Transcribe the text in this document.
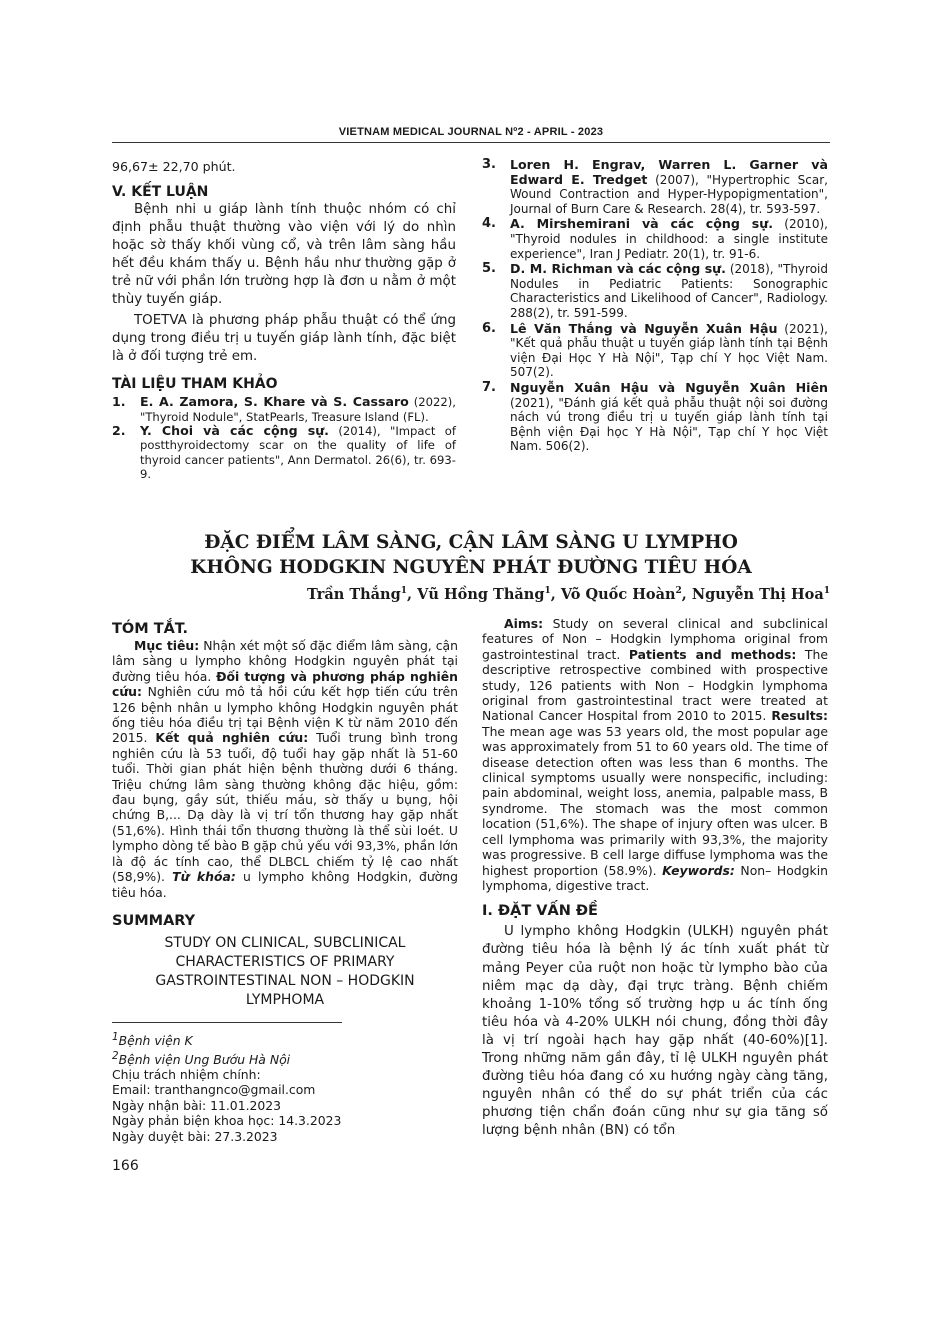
VIETNAM MEDICAL JOURNAL Nº2 - APRIL - 2023

96,67± 22,70 phút.

V. KẾT LUẬN

Bệnh nhi u giáp lành tính thuộc nhóm có chỉ định phẫu thuật thường vào viện với lý do nhìn hoặc sờ thấy khối vùng cổ, và trên lâm sàng hầu hết đều khám thấy u. Bệnh hầu như thường gặp ở trẻ nữ với phần lớn trường hợp là đơn u nằm ở một thùy tuyến giáp.

TOETVA là phương pháp phẫu thuật có thể ứng dụng trong điều trị u tuyến giáp lành tính, đặc biệt là ở đối tượng trẻ em.

TÀI LIỆU THAM KHẢO
1. E. A. Zamora, S. Khare và S. Cassaro (2022), "Thyroid Nodule", StatPearls, Treasure Island (FL).
2. Y. Choi và các cộng sự. (2014), "Impact of postthyroidectomy scar on the quality of life of thyroid cancer patients", Ann Dermatol. 26(6), tr. 693-9.
3. Loren H. Engrav, Warren L. Garner và Edward E. Tredget (2007), "Hypertrophic Scar, Wound Contraction and Hyper-Hypopigmentation", Journal of Burn Care & Research. 28(4), tr. 593-597.
4. A. Mirshemirani và các cộng sự. (2010), "Thyroid nodules in childhood: a single institute experience", Iran J Pediatr. 20(1), tr. 91-6.
5. D. M. Richman và các cộng sự. (2018), "Thyroid Nodules in Pediatric Patients: Sonographic Characteristics and Likelihood of Cancer", Radiology. 288(2), tr. 591-599.
6. Lê Văn Thắng và Nguyễn Xuân Hậu (2021), "Kết quả phẫu thuật u tuyến giáp lành tính tại Bệnh viện Đại Học Y Hà Nội", Tạp chí Y học Việt Nam. 507(2).
7. Nguyễn Xuân Hậu và Nguyễn Xuân Hiên (2021), "Đánh giá kết quả phẫu thuật nội soi đường nách vú trong điều trị u tuyến giáp lành tính tại Bệnh viện Đại học Y Hà Nội", Tạp chí Y học Việt Nam. 506(2).
ĐẶC ĐIỂM LÂM SÀNG, CẬN LÂM SÀNG U LYMPHO
KHÔNG HODGKIN NGUYÊN PHÁT ĐƯỜNG TIÊU HÓA
Trần Thắng$^1$, Vũ Hồng Thăng$^1$, Võ Quốc Hoàn$^2$, Nguyễn Thị Hoa$^1$
TÓM TẮT.

Mục tiêu: Nhận xét một số đặc điểm lâm sàng, cận lâm sàng u lympho không Hodgkin nguyên phát tại đường tiêu hóa. Đối tượng và phương pháp nghiên cứu: Nghiên cứu mô tả hồi cứu kết hợp tiến cứu trên 126 bệnh nhân u lympho không Hodgkin nguyên phát ống tiêu hóa điều trị tại Bệnh viện K từ năm 2010 đến 2015. Kết quả nghiên cứu: Tuổi trung bình trong nghiên cứu là 53 tuổi, độ tuổi hay gặp nhất là 51-60 tuổi. Thời gian phát hiện bệnh thường dưới 6 tháng. Triệu chứng lâm sàng thường không đặc hiệu, gồm: đau bụng, gầy sút, thiếu máu, sờ thấy u bụng, hội chứng B,... Dạ dày là vị trí tổn thương hay gặp nhất (51,6%). Hình thái tổn thương thường là thể sùi loét. U lympho dòng tế bào B gặp chủ yếu với 93,3%, phần lớn là độ ác tính cao, thể DLBCL chiếm tỷ lệ cao nhất (58,9%). Từ khóa: u lympho không Hodgkin, đường tiêu hóa.

SUMMARY
STUDY ON CLINICAL, SUBCLINICAL CHARACTERISTICS OF PRIMARY GASTROINTESTINAL NON – HODGKIN LYMPHOMA
$^1$Bệnh viện K
$^2$Bệnh viện Ung Bướu Hà Nội
Chịu trách nhiệm chính:
Email: tranthangnco@gmail.com
Ngày nhận bài: 11.01.2023
Ngày phản biện khoa học: 14.3.2023
Ngày duyệt bài: 27.3.2023

Aims: Study on several clinical and subclinical features of Non – Hodgkin lymphoma original from gastrointestinal tract. Patients and methods: The descriptive retrospective combined with prospective study, 126 patients with Non – Hodgkin lymphoma original from gastrointestinal tract were treated at National Cancer Hospital from 2010 to 2015. Results: The mean age was 53 years old, the most popular age was approximately from 51 to 60 years old. The time of disease detection often was less than 6 months. The clinical symptoms usually were nonspecific, including: pain abdominal, weight loss, anemia, palpable mass, B syndrome. The stomach was the most common location (51,6%). The shape of injury often was ulcer. B cell lymphoma was primarily with 93,3%, the majority was progressive. B cell large diffuse lymphoma was the highest proportion (58.9%). Keywords: Non– Hodgkin lymphoma, digestive tract.

I. ĐẶT VẤN ĐỀ

U lympho không Hodgkin (ULKH) nguyên phát đường tiêu hóa là bệnh lý ác tính xuất phát từ mảng Peyer của ruột non hoặc từ lympho bào của niêm mạc dạ dày, đại trực tràng. Bệnh chiếm khoảng 1-10% tổng số trường hợp u ác tính ống tiêu hóa và 4-20% ULKH nói chung, đồng thời đây là vị trí ngoài hạch hay gặp nhất (40-60%)[1]. Trong những năm gần đây, tỉ lệ ULKH nguyên phát đường tiêu hóa đang có xu hướng ngày càng tăng, nguyên nhân có thể do sự phát triển của các phương tiện chẩn đoán cũng như sự gia tăng số lượng bệnh nhân (BN) có tổn

166
